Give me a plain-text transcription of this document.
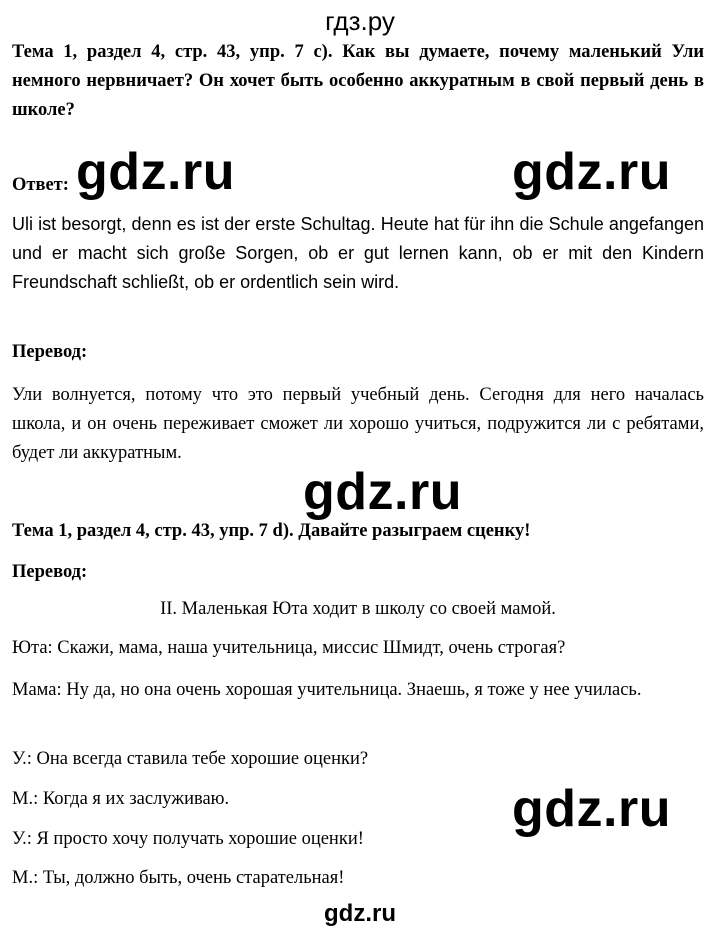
гдз.ру
Тема 1, раздел 4, стр. 43, упр. 7 c). Как вы думаете, почему маленький Ули немного нервничает? Он хочет быть особенно аккуратным в свой первый день в школе?
Ответ: gdz.ru	gdz.ru
Uli ist besorgt, denn es ist der erste Schultag. Heute hat für ihn die Schule angefangen und er macht sich große Sorgen, ob er gut lernen kann, ob er mit den Kindern Freundschaft schließt, ob er ordentlich sein wird.
Перевод:
Ули волнуется, потому что это первый учебный день. Сегодня для него началась школа, и он очень переживает сможет ли хорошо учиться, подружится ли с ребятами, будет ли аккуратным.
gdz.ru
Тема 1, раздел 4, стр. 43, упр. 7 d). Давайте разыграем сценку!
Перевод:
II. Маленькая Юта ходит в школу со своей мамой.
Юта: Скажи, мама, наша учительница, миссис Шмидт, очень строгая?
Мама: Ну да, но она очень хорошая учительница. Знаешь, я тоже у нее училась.
У.: Она всегда ставила тебе хорошие оценки?
М.: Когда я их заслуживаю.
У.: Я просто хочу получать хорошие оценки!
М.: Ты, должно быть, очень старательная!
gdz.ru
gdz.ru
